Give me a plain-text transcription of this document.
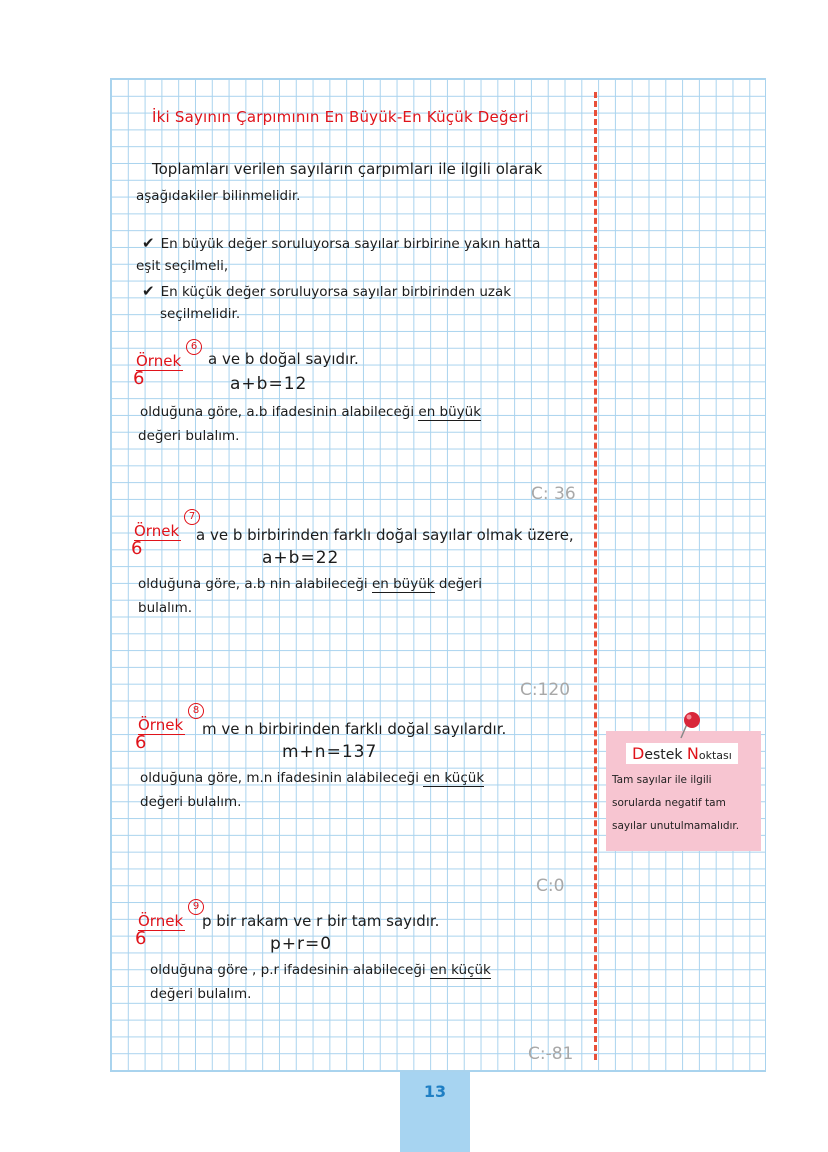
İki Sayının Çarpımının En Büyük-En Küçük Değeri
Toplamları verilen sayıların çarpımları ile ilgili olarak
aşağıdakiler bilinmelidir.
✔ En büyük değer soruluyorsa sayılar birbirine yakın hatta
eşit seçilmeli,
✔ En küçük değer soruluyorsa sayılar birbirinden uzak
seçilmelidir.
Örnek
6
6
a ve b doğal sayıdır.
a+b=12
olduğuna göre, a.b ifadesinin alabileceği en büyük
değeri bulalım.
C: 36
Örnek
7
6
a ve b birbirinden farklı doğal sayılar olmak üzere,
a+b=22
olduğuna göre, a.b nin alabileceği en büyük değeri
bulalım.
C:120
Örnek
8
6
m ve n birbirinden farklı doğal sayılardır.
m+n=137
olduğuna göre, m.n ifadesinin alabileceği en küçük
değeri bulalım.
C:0
Örnek
9
6
p bir rakam ve r bir tam sayıdır.
p+r=0
olduğuna göre , p.r ifadesinin alabileceği en küçük
değeri bulalım.
C:-81
Destek Noktası
Tam sayılar ile ilgili sorularda negatif tam sayılar unutulmamalıdır.
13
